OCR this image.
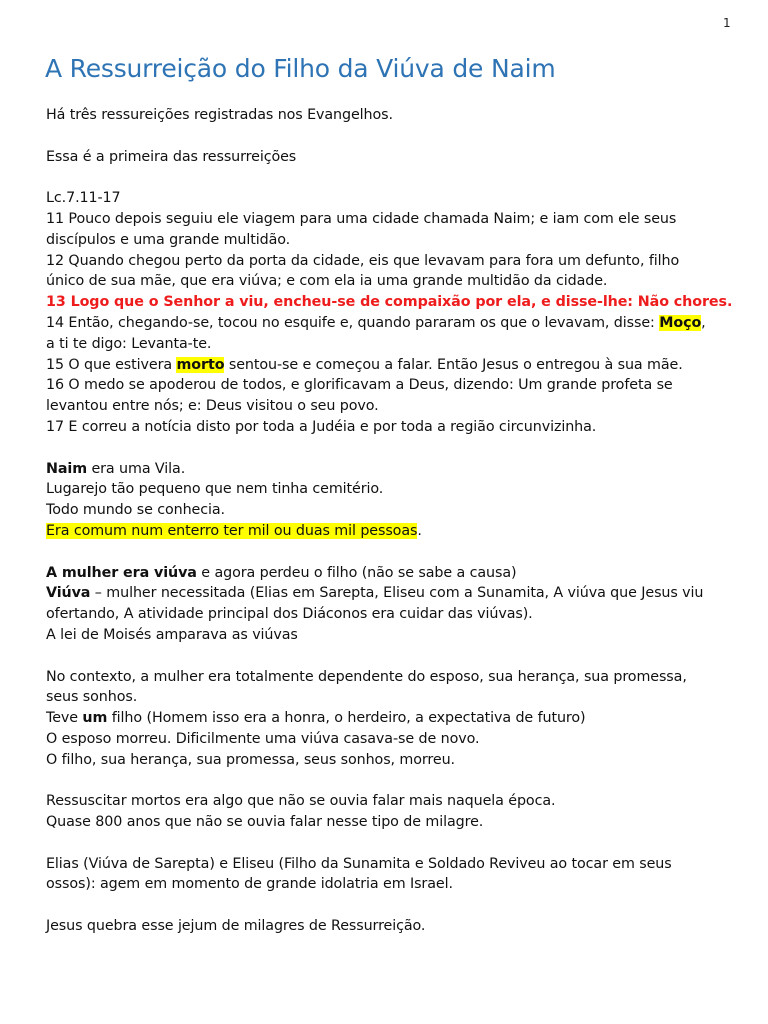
1
A Ressurreição do Filho da Viúva de Naim
Há três ressureições registradas nos Evangelhos.
Essa é a primeira das ressurreições
Lc.7.11-17
11 Pouco depois seguiu ele viagem para uma cidade chamada Naim; e iam com ele seus
discípulos e uma grande multidão.
12 Quando chegou perto da porta da cidade, eis que levavam para fora um defunto, filho
único de sua mãe, que era viúva; e com ela ia uma grande multidão da cidade.
13 Logo que o Senhor a viu, encheu-se de compaixão por ela, e disse-lhe: Não chores.
14 Então, chegando-se, tocou no esquife e, quando pararam os que o levavam, disse: Moço,
a ti te digo: Levanta-te.
15 O que estivera morto sentou-se e começou a falar. Então Jesus o entregou à sua mãe.
16 O medo se apoderou de todos, e glorificavam a Deus, dizendo: Um grande profeta se
levantou entre nós; e: Deus visitou o seu povo.
17 E correu a notícia disto por toda a Judéia e por toda a região circunvizinha.
Naim era uma Vila.
Lugarejo tão pequeno que nem tinha cemitério.
Todo mundo se conhecia.
Era comum num enterro ter mil ou duas mil pessoas.
A mulher era viúva e agora perdeu o filho (não se sabe a causa)
Viúva – mulher necessitada (Elias em Sarepta, Eliseu com a Sunamita, A viúva que Jesus viu
ofertando, A atividade principal dos Diáconos era cuidar das viúvas).
A lei de Moisés amparava as viúvas
No contexto, a mulher era totalmente dependente do esposo, sua herança, sua promessa,
seus sonhos.
Teve um filho (Homem isso era a honra, o herdeiro, a expectativa de futuro)
O esposo morreu. Dificilmente uma viúva casava-se de novo.
O filho, sua herança, sua promessa, seus sonhos, morreu.
Ressuscitar mortos era algo que não se ouvia falar mais naquela época.
Quase 800 anos que não se ouvia falar nesse tipo de milagre.
Elias (Viúva de Sarepta) e Eliseu (Filho da Sunamita e Soldado Reviveu ao tocar em seus
ossos): agem em momento de grande idolatria em Israel.
Jesus quebra esse jejum de milagres de Ressurreição.
